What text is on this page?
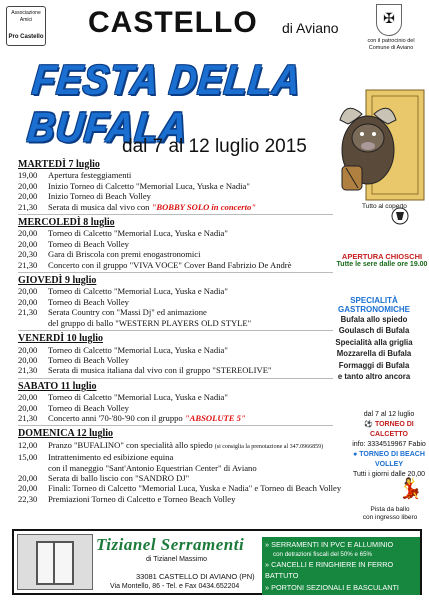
Associazione Amici
Pro Castello CASTELLO di Aviano
✠
con il patrocinio del
Comune di Aviano
FESTA DELLA BUFALA
dal 7 al 12 luglio 2015
Tutto al coperto
MARTEDÌ 7 luglio
19,00	Apertura festeggiamenti
20,00	Inizio Torneo di Calcetto "Memorial Luca, Yuska e Nadia"
20,00	Inizio Torneo di Beach Volley
21,30	Serata di musica dal vivo con "BOBBY SOLO in concerto"
MERCOLEDÌ 8 luglio
20,00	Torneo di Calcetto "Memorial Luca, Yuska e Nadia"
20,00	Torneo di Beach Volley
20,30	Gara di Briscola con premi enogastronomici
21,30	Concerto con il gruppo "VIVA VOCE" Cover Band Fabrizio De Andrè
GIOVEDÌ 9 luglio
20,00	Torneo di Calcetto "Memorial Luca, Yuska e Nadia"
20,00	Torneo di Beach Volley
21,30	Serata Country con "Massi Dj" ed animazione
del gruppo di ballo "WESTERN PLAYERS OLD STYLE"
VENERDÌ 10 luglio
20,00	Torneo di Calcetto "Memorial Luca, Yuska e Nadia"
20,00	Torneo di Beach Volley
21,30	Serata di musica italiana dal vivo con il gruppo "STEREOLIVE"
SABATO 11 luglio
20,00	Torneo di Calcetto "Memorial Luca, Yuska e Nadia"
20,00	Torneo di Beach Volley
21,30	Concerto anni '70-'80-'90 con il gruppo "ABSOLUTE 5"
DOMENICA 12 luglio
12,00	Pranzo "BUFALINO" con specialità allo spiedo (si consiglia la prenotazione al 347.0966859)
15,00	Intrattenimento ed esibizione equina
con il maneggio "Sant'Antonio Equestrian Center" di Aviano
20,00	Serata di ballo liscio con "SANDRO DJ"
20,00	Finali: Torneo di Calcetto "Memorial Luca, Yuska e Nadia" e Torneo di Beach Volley
22,30	Premiazioni Torneo di Calcetto e Torneo Beach Volley
APERTURA CHIOSCHI
Tutte le sere dalle ore 19.00
SPECIALITÀ GASTRONOMICHE
Bufala allo spiedo
Goulasch di Bufala
Specialità alla griglia
Mozzarella di Bufala
Formaggi di Bufala
e tanto altro ancora
dal 7 al 12 luglio
⚽ TORNEO DI CALCETTO
info: 3334519967 Fabio
● TORNEO DI BEACH VOLLEY
Tutti i giorni dalle 20,00
💃
Pista da ballo
con ingresso libero
Tizianel Serramenti
di Tizianel Massimo
33081 CASTELLO DI AVIANO (PN)
Via Montello, 86 - Tel. e Fax 0434.652204
» SERRAMENTI IN PVC E ALLUMINIO
con detrazioni fiscali del 50% e 65%
» CANCELLI E RINGHIERE IN FERRO BATTUTO
» PORTONI SEZIONALI E BASCULANTI
